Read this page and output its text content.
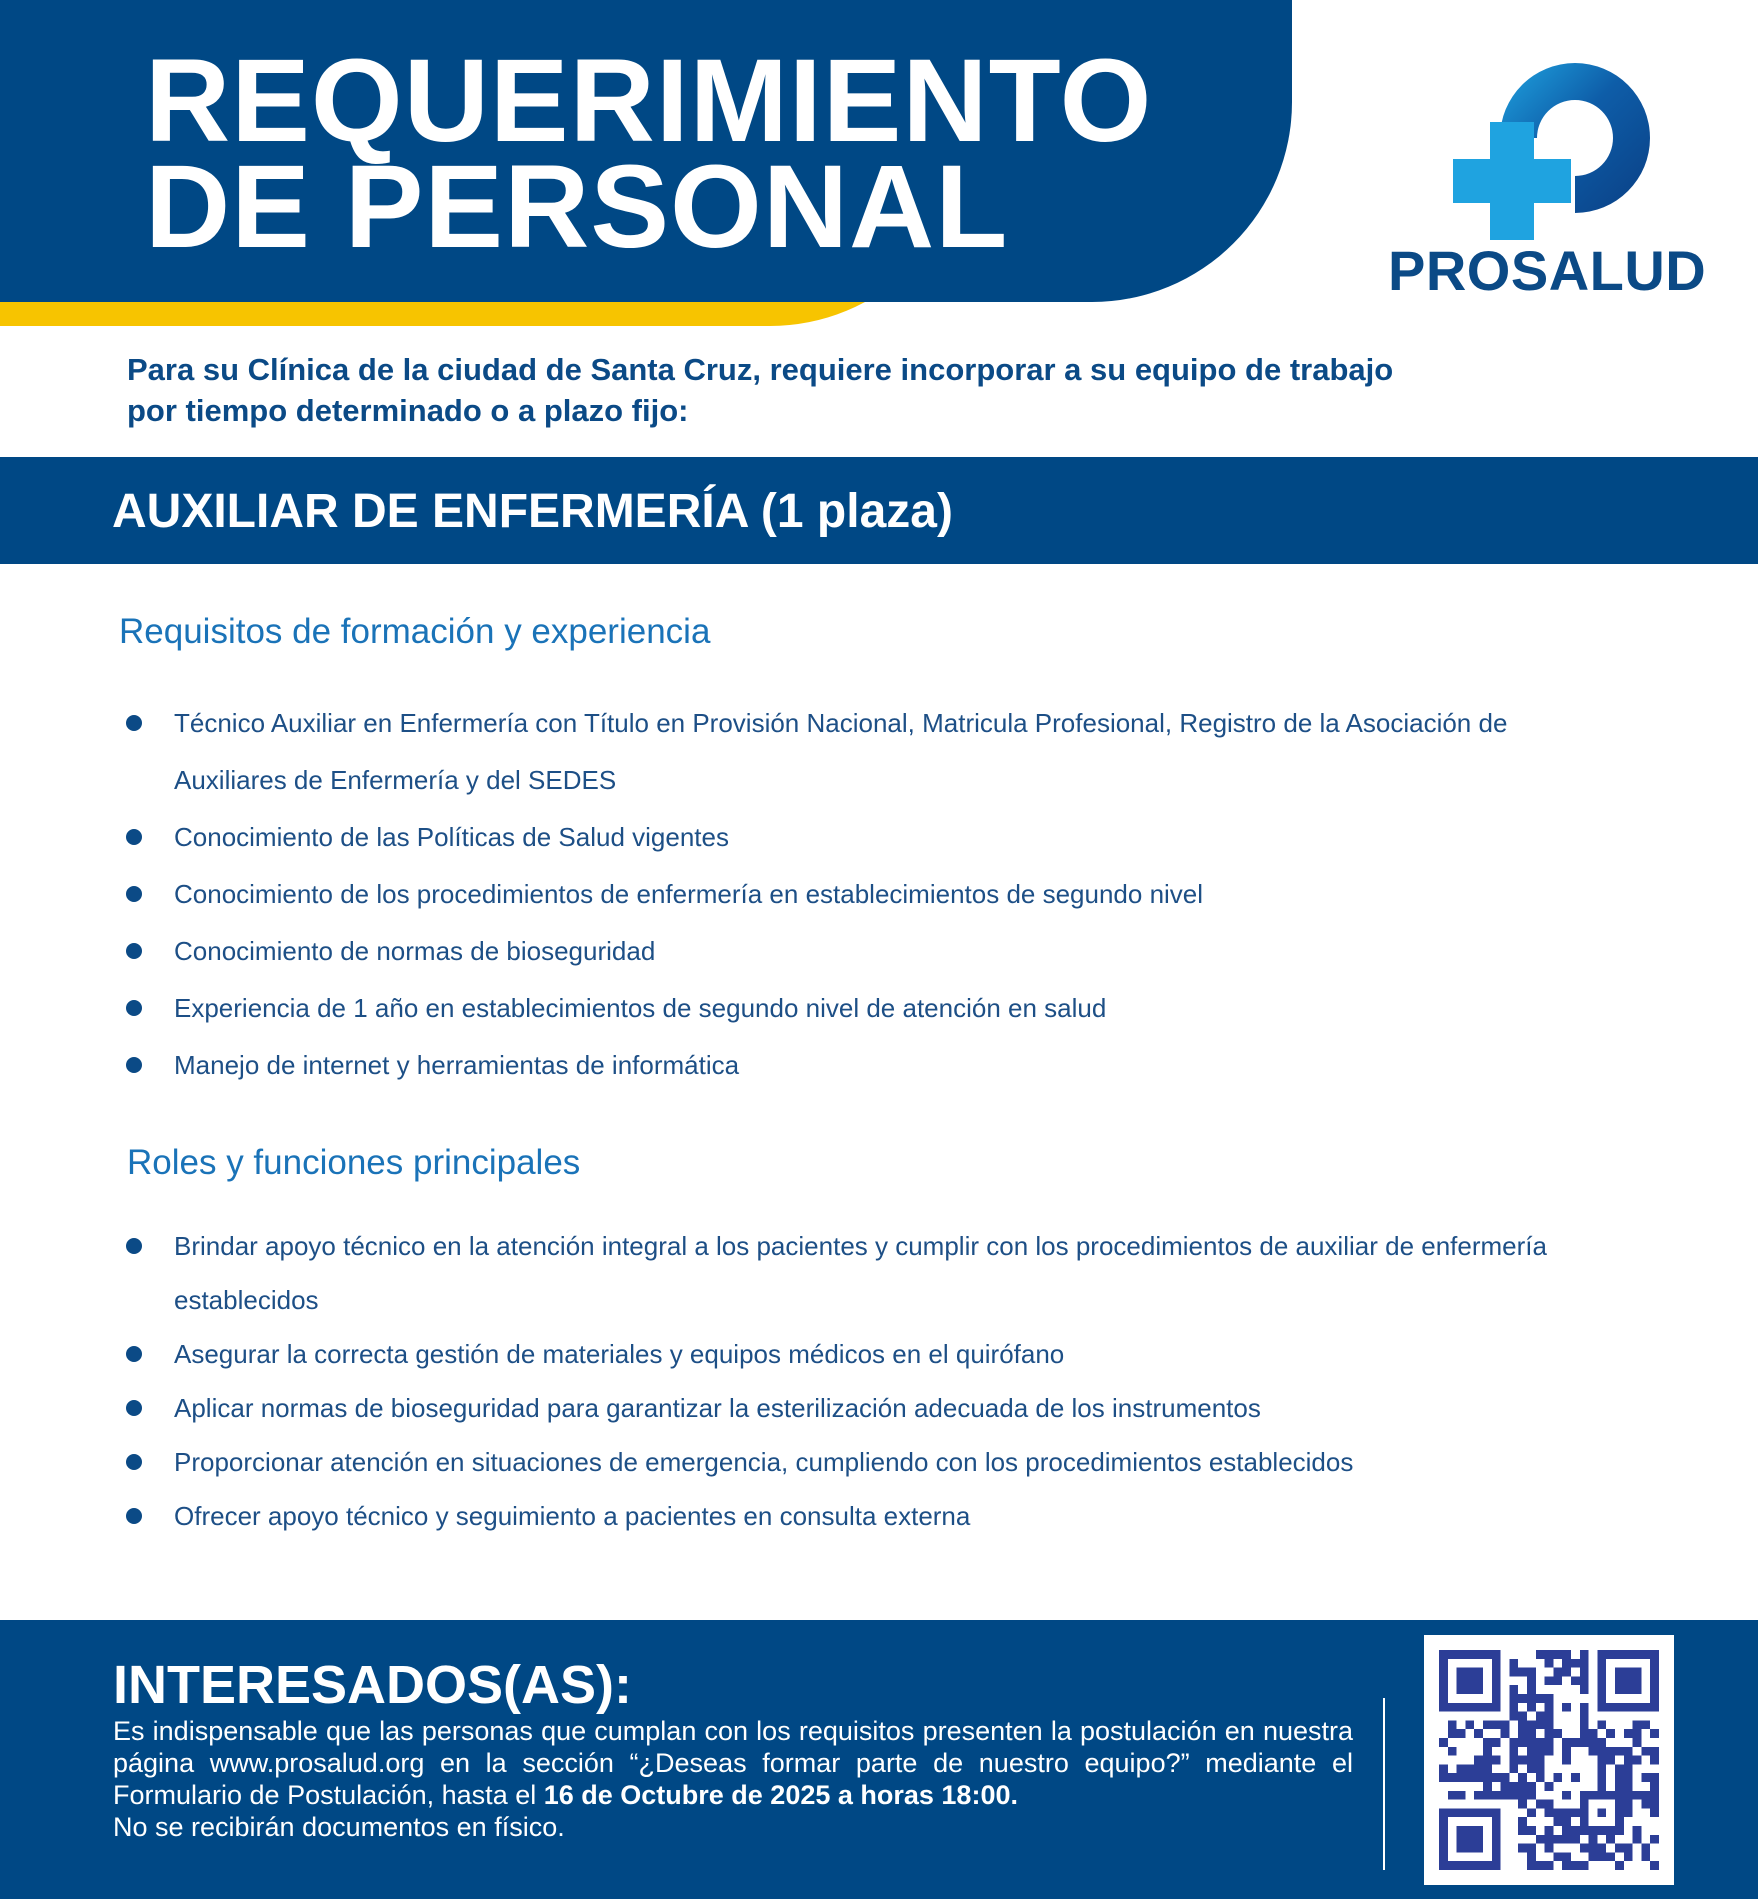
REQUERIMIENTO
DE PERSONAL	PROSALUD

Para su Clínica de la ciudad de Santa Cruz, requiere incorporar a su equipo de trabajo
por tiempo determinado o a plazo fijo:

AUXILIAR DE ENFERMERÍA (1 plaza)
Requisitos de formación y experiencia
Técnico Auxiliar en Enfermería con Título en Provisión Nacional, Matricula Profesional, Registro de la Asociación de Auxiliares de Enfermería y del SEDES
Conocimiento de las Políticas de Salud vigentes
Conocimiento de los procedimientos de enfermería en establecimientos de segundo nivel
Conocimiento de normas de bioseguridad
Experiencia de 1 año en establecimientos de segundo nivel de atención en salud
Manejo de internet y herramientas de informática
Roles y funciones principales
Brindar apoyo técnico en la atención integral a los pacientes y cumplir con los procedimientos de auxiliar de enfermería establecidos
Asegurar la correcta gestión de materiales y equipos médicos en el quirófano
Aplicar normas de bioseguridad para garantizar la esterilización adecuada de los instrumentos
Proporcionar atención en situaciones de emergencia, cumpliendo con los procedimientos establecidos
Ofrecer apoyo técnico y seguimiento a pacientes en consulta externa
INTERESADOS(AS):

Es indispensable que las personas que cumplan con los requisitos presenten la postulación en nuestra página www.prosalud.org en la sección “¿Deseas formar parte de nuestro equipo?” mediante el Formulario de Postulación, hasta el 16 de Octubre de 2025 a horas 18:00.
No se recibirán documentos en físico.
